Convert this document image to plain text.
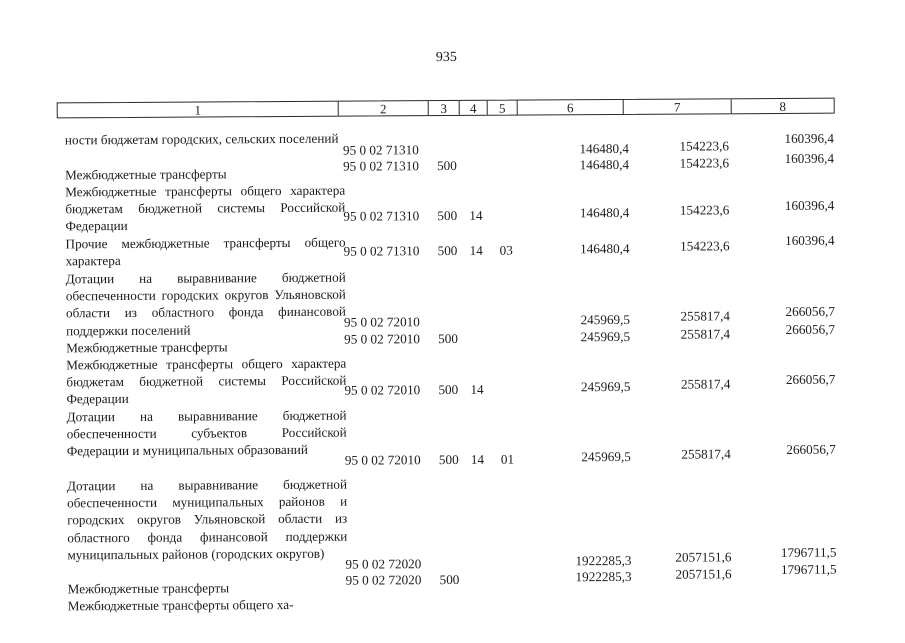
935
1	2	3	4	5	6	7	8
ности бюджетам городских, сельских поселений
95 0 02 71310	146480,4	154223,6	160396,4
Межбюджетные трансферты
95 0 02 71310 500	146480,4	154223,6	160396,4
Межбюджетные трансферты общего характера бюджетам бюджетной системы Российской Федерации
95 0 02 71310 500 14	146480,4	154223,6	160396,4
Прочие межбюджетные трансферты общего характера
95 0 02 71310 500 14 03	146480,4	154223,6	160396,4
Дотации на выравнивание бюджетной обеспеченности городских округов Ульяновской области из областного фонда финансовой поддержки поселений
95 0 02 72010	245969,5	255817,4	266056,7
Межбюджетные трансферты
95 0 02 72010 500	245969,5	255817,4	266056,7
Межбюджетные трансферты общего характера бюджетам бюджетной системы Российской Федерации
95 0 02 72010 500 14	245969,5	255817,4	266056,7
Дотации на выравнивание бюджетной обеспеченности субъектов Российской Федерации и муниципальных образований
95 0 02 72010 500 14 01	245969,5	255817,4	266056,7
Дотации на выравнивание бюджетной обеспеченности муниципальных районов и городских округов Ульяновской области из областного фонда финансовой поддержки муниципальных районов (городских округов)
95 0 02 72020	1922285,3	2057151,6	1796711,5
Межбюджетные трансферты
95 0 02 72020 500	1922285,3	2057151,6	1796711,5
Межбюджетные трансферты общего ха-
